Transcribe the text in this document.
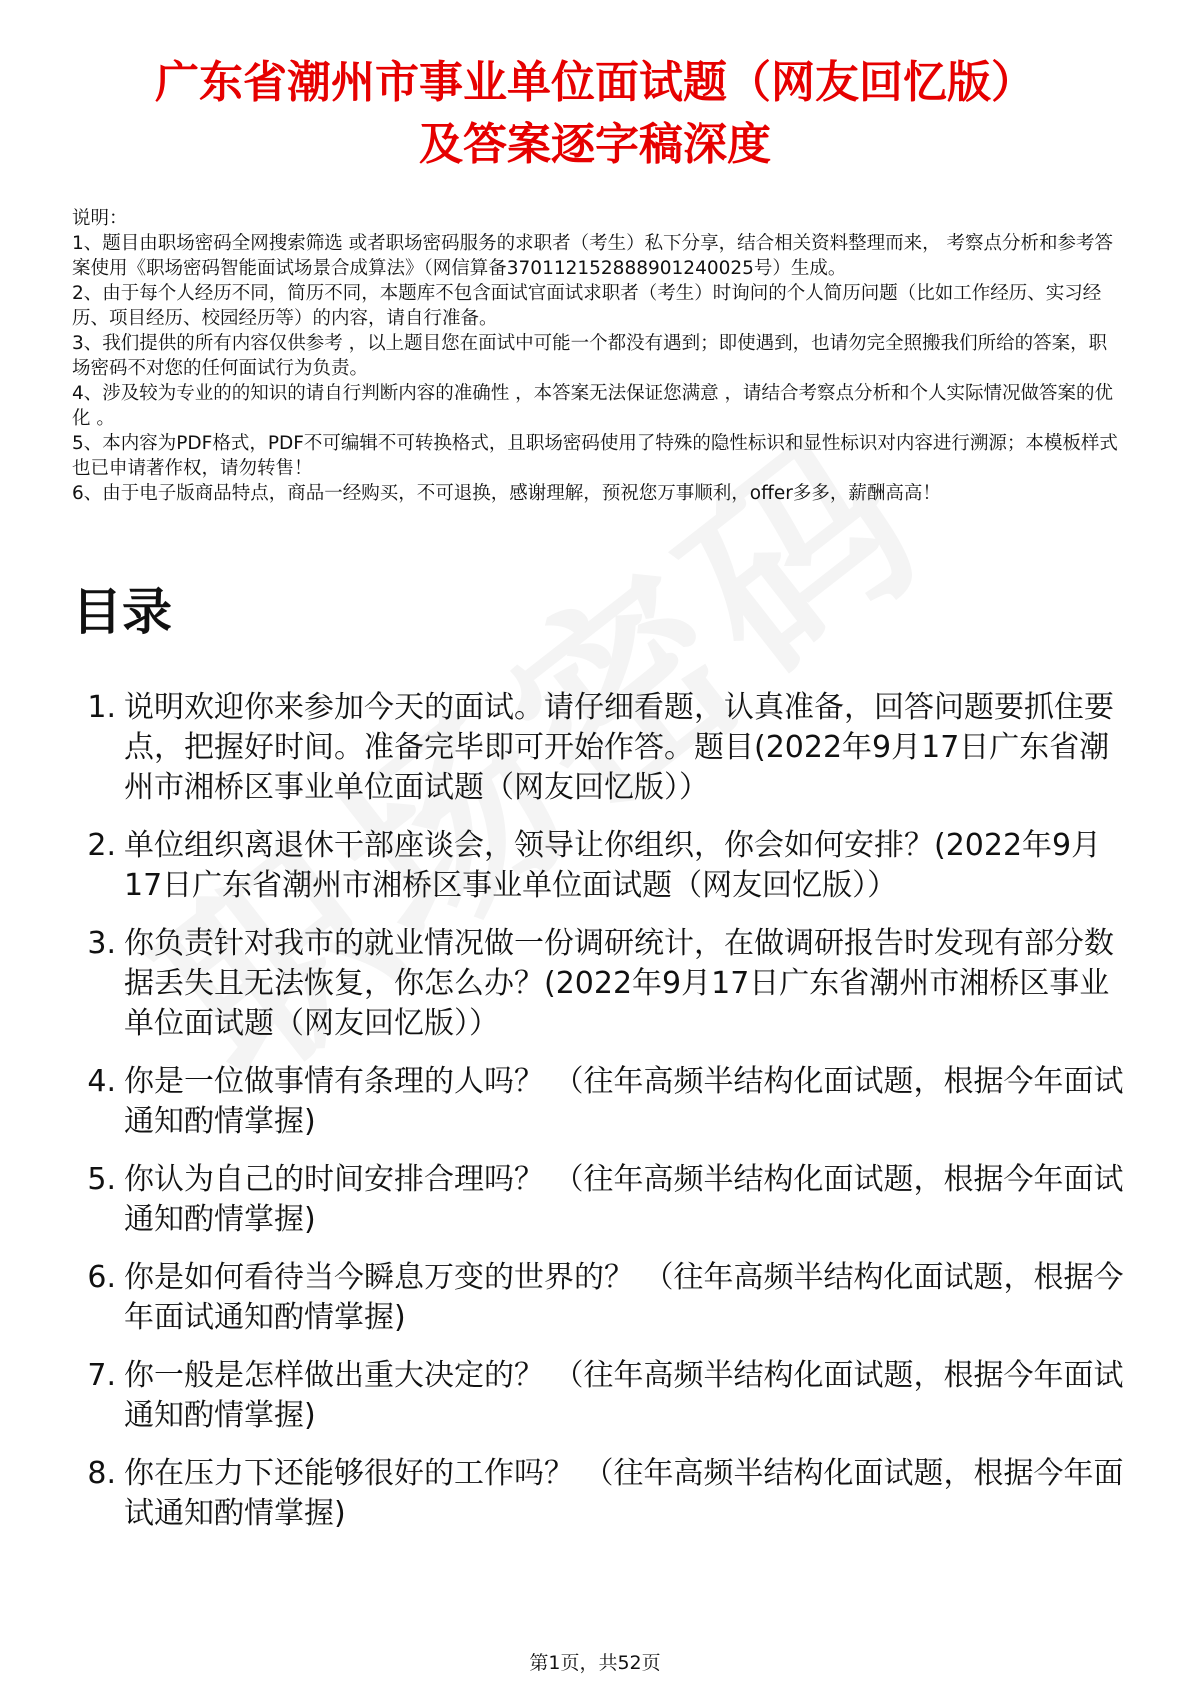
广东省潮州市事业单位面试题（网友回忆版）
及答案逐字稿深度

说明：

1、题目由职场密码全网搜索筛选 或者职场密码服务的求职者（考生）私下分享，结合相关资料整理而来， 考察点分析和参考答案使用《职场密码智能面试场景合成算法》（网信算备370112152888901240025号）生成。

2、由于每个人经历不同，简历不同，本题库不包含面试官面试求职者（考生）时询问的个人简历问题（比如工作经历、实习经历、项目经历、校园经历等）的内容，请自行准备。

3、我们提供的所有内容仅供参考 ，以上题目您在面试中可能一个都没有遇到；即使遇到，也请勿完全照搬我们所给的答案，职场密码不对您的任何面试行为负责。

4、涉及较为专业的的知识的请自行判断内容的准确性 ，本答案无法保证您满意 ，请结合考察点分析和个人实际情况做答案的优化 。

5、本内容为PDF格式，PDF不可编辑不可转换格式，且职场密码使用了特殊的隐性标识和显性标识对内容进行溯源；本模板样式也已申请著作权，请勿转售！

6、由于电子版商品特点，商品一经购买，不可退换，感谢理解，预祝您万事顺利，offer多多，薪酬高高！

目录
1. 说明欢迎你来参加今天的面试。请仔细看题，认真准备，回答问题要抓住要点，把握好时间。准备完毕即可开始作答。题目(2022年9月17日广东省潮州市湘桥区事业单位面试题（网友回忆版））
2. 单位组织离退休干部座谈会，领导让你组织，你会如何安排？(2022年9月17日广东省潮州市湘桥区事业单位面试题（网友回忆版））
3. 你负责针对我市的就业情况做一份调研统计，在做调研报告时发现有部分数据丢失且无法恢复，你怎么办？(2022年9月17日广东省潮州市湘桥区事业单位面试题（网友回忆版））
4. 你是一位做事情有条理的人吗？ （往年高频半结构化面试题，根据今年面试通知酌情掌握)
5. 你认为自己的时间安排合理吗？ （往年高频半结构化面试题，根据今年面试通知酌情掌握)
6. 你是如何看待当今瞬息万变的世界的？ （往年高频半结构化面试题，根据今年面试通知酌情掌握)
7. 你一般是怎样做出重大决定的？ （往年高频半结构化面试题，根据今年面试通知酌情掌握)
8. 你在压力下还能够很好的工作吗？ （往年高频半结构化面试题，根据今年面试通知酌情掌握)
第1页，共52页
